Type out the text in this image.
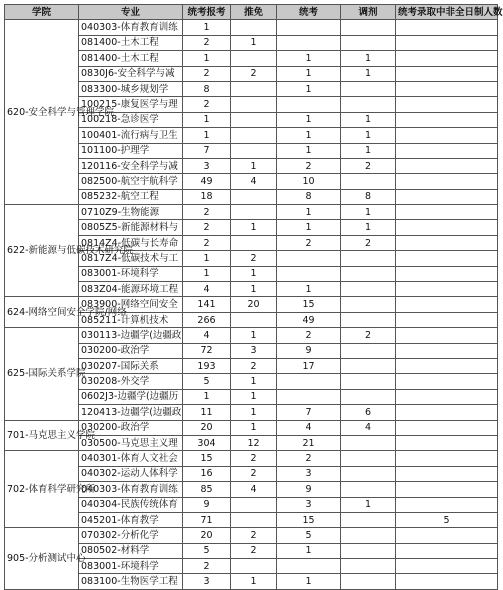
学院	专业	统考报考	推免	统考	调剂	统考录取中非全日制人数
620-安全科学与管理学院	040303-体育教育训练	1				
	081400-土木工程	2	1			
	081400-土木工程	1		1	1	
	0830J6-安全科学与减	2	2	1	1	
	083300-城乡规划学	8		1		
	100215-康复医学与理	2				
	100218-急诊医学	1		1	1	
	100401-流行病与卫生	1		1	1	
	101100-护理学	7		1	1	
	120116-安全科学与减	3	1	2	2	
	082500-航空宇航科学	49	4	10		
	085232-航空工程	18		8	8	
622-新能源与低碳技术研究院	0710Z9-生物能源	2		1	1	
	0805Z5-新能源材料与	2	1	1	1	
	0814Z4-低碳与长寿命	2		2	2	
	0817Z4-低碳技术与工	1	2			
	083001-环境科学	1	1			
	083Z04-能源环境工程	4	1	1		
624-网络空间安全学院/网络	083900-网络空间安全	141	20	15		
	085211-计算机技术	266		49		
625-国际关系学院	030113-边疆学(边疆政	4	1	2	2	
	030200-政治学	72	3	9		
	030207-国际关系	193	2	17		
	030208-外交学	5	1			
	0602J3-边疆学(边疆历	1	1			
	120413-边疆学(边疆政	11	1	7	6	
701-马克思主义学院	030200-政治学	20	1	4	4	
	030500-马克思主义理	304	12	21		
702-体育科学研究所	040301-体育人文社会	15	2	2		
	040302-运动人体科学	16	2	3		
	040303-体育教育训练	85	4	9		
	040304-民族传统体育	9		3	1	
	045201-体育教学	71		15		5
905-分析测试中心	070302-分析化学	20	2	5		
	080502-材料学	5	2	1		
	083001-环境科学	2				
	083100-生物医学工程	3	1	1		
